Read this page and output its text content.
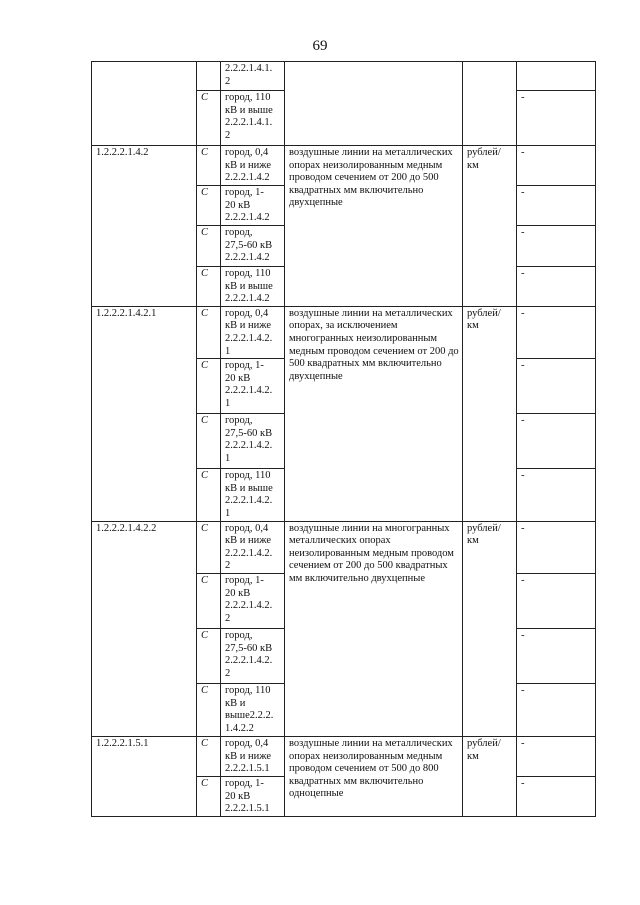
69
		2.2.2.1.4.1.
2			
	С	город, 110
кВ и выше
2.2.2.1.4.1.
2			-
1.2.2.2.1.4.2	С	город, 0,4
кВ и ниже
2.2.2.1.4.2	воздушные линии на металлических опорах неизолированным медным проводом сечением от 200 до 500 квадратных мм включительно двухцепные	рублей/
км	-
	С	город, 1-
20 кВ
2.2.2.1.4.2			-
	С	город,
27,5-60 кВ
2.2.2.1.4.2			-
	С	город, 110
кВ и выше
2.2.2.1.4.2			-
1.2.2.2.1.4.2.1	С	город, 0,4
кВ и ниже
2.2.2.1.4.2.
1	воздушные линии на металлических опорах, за исключением многогранных неизолированным медным проводом сечением от 200 до 500 квадратных мм включительно двухцепные	рублей/
км	-
	С	город, 1-
20 кВ
2.2.2.1.4.2.
1			-
	С	город,
27,5-60 кВ
2.2.2.1.4.2.
1			-
	С	город, 110
кВ и выше
2.2.2.1.4.2.
1			-
1.2.2.2.1.4.2.2	С	город, 0,4
кВ и ниже
2.2.2.1.4.2.
2	воздушные линии на многогранных металлических опорах неизолированным медным проводом сечением от 200 до 500 квадратных мм включительно двухцепные	рублей/
км	-
	С	город, 1-
20 кВ
2.2.2.1.4.2.
2			-
	С	город,
27,5-60 кВ
2.2.2.1.4.2.
2			-
	С	город, 110
кВ и
выше2.2.2.
1.4.2.2			-
1.2.2.2.1.5.1	С	город, 0,4
кВ и ниже
2.2.2.1.5.1	воздушные линии на металлических опорах неизолированным медным проводом сечением от 500 до 800 квадратных мм включительно одноцепные	рублей/
км	-
	С	город, 1-
20 кВ
2.2.2.1.5.1			-
